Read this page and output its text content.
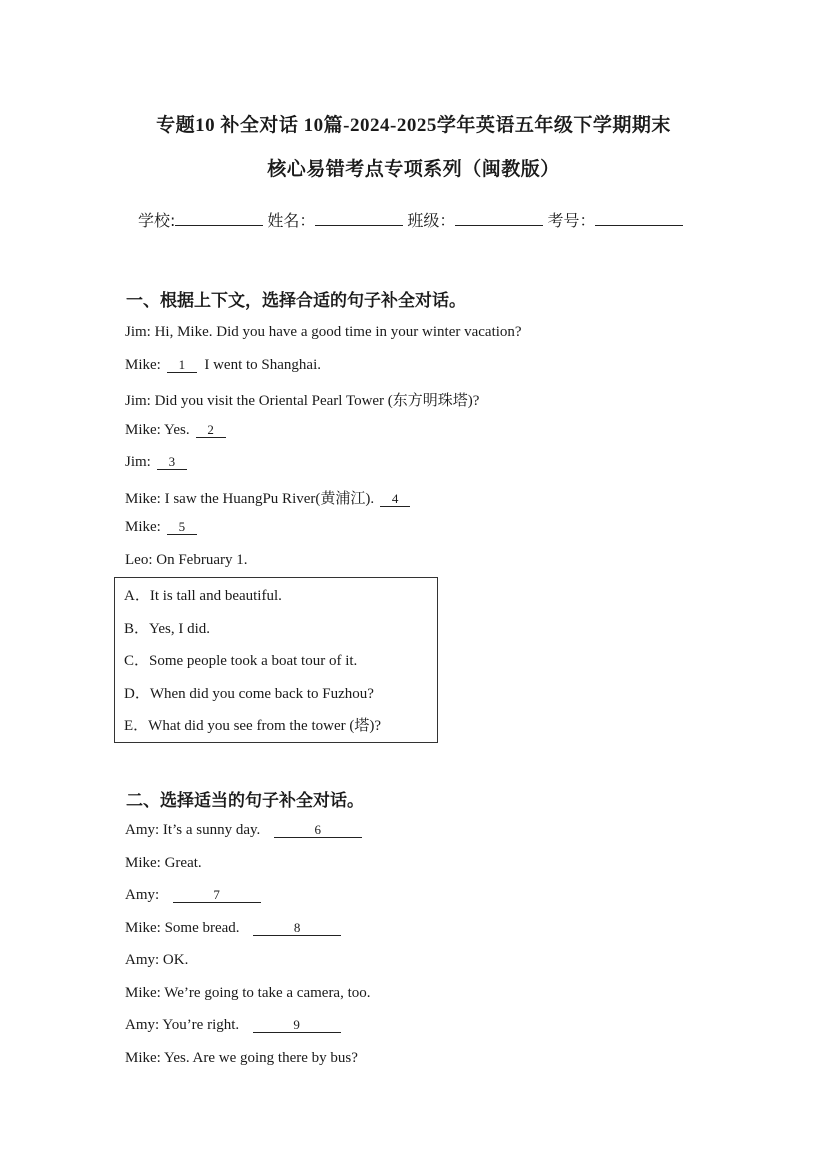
专题10 补全对话 10篇-2024-2025学年英语五年级下学期期末
核心易错考点专项系列（闽教版）
学校:	姓名：	班级：	考号：
一、根据上下文，选择合适的句子补全对话。
Jim: Hi, Mike. Did you have a good time in your winter vacation?
Mike: 1 I went to Shanghai.
Jim: Did you visit the Oriental Pearl Tower (东方明珠塔)?
Mike: Yes. 2
Jim: 3
Mike: I saw the HuangPu River(黄浦江). 4
Mike: 5
Leo: On February 1.
A．It is tall and beautiful.
B．Yes, I did.
C．Some people took a boat tour of it.
D．When did you come back to Fuzhou?
E．What did you see from the tower (塔)?
二、选择适当的句子补全对话。
Amy: It’s a sunny day.	6
Mike: Great.
Amy:	7
Mike: Some bread.	8
Amy: OK.
Mike: We’re going to take a camera, too.
Amy: You’re right.	9
Mike: Yes. Are we going there by bus?
